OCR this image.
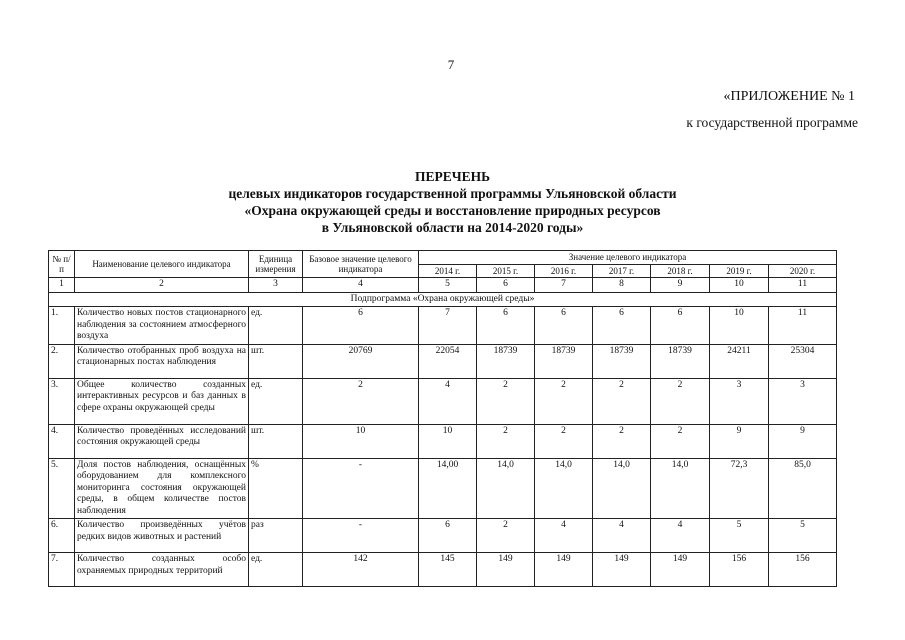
7
«ПРИЛОЖЕНИЕ № 1
к государственной программе
ПЕРЕЧЕНЬ
целевых индикаторов государственной программы Ульяновской области
«Охрана окружающей среды и восстановление природных ресурсов
в Ульяновской области на 2014-2020 годы»
№ п/п	Наименование целевого индикатора	Единица измерения	Базовое значение целевого индикатора	Значение целевого индикатора						
				2014 г.	2015 г.	2016 г.	2017 г.	2018 г.	2019 г.	2020 г.
1	2	3	4	5	6	7	8	9	10	11
Подпрограмма «Охрана окружающей среды»										
1.	Количество новых постов стационарного наблюдения за состоянием атмосферного воздуха	ед.	6	7	6	6	6	6	10	11
2.	Количество отобранных проб воздуха на стационарных постах наблюдения	шт.	20769	22054	18739	18739	18739	18739	24211	25304
3.	Общее количество созданных интерактивных ресурсов и баз данных в сфере охраны окружающей среды	ед.	2	4	2	2	2	2	3	3
4.	Количество проведённых исследований состояния окружающей среды	шт.	10	10	2	2	2	2	9	9
5.	Доля постов наблюдения, оснащённых оборудованием для комплексного мониторинга состояния окружающей среды, в общем количестве постов наблюдения	%	-	14,00	14,0	14,0	14,0	14,0	72,3	85,0
6.	Количество произведённых учётов редких видов животных и растений	раз	-	6	2	4	4	4	5	5
7.	Количество созданных особо охраняемых природных территорий	ед.	142	145	149	149	149	149	156	156
